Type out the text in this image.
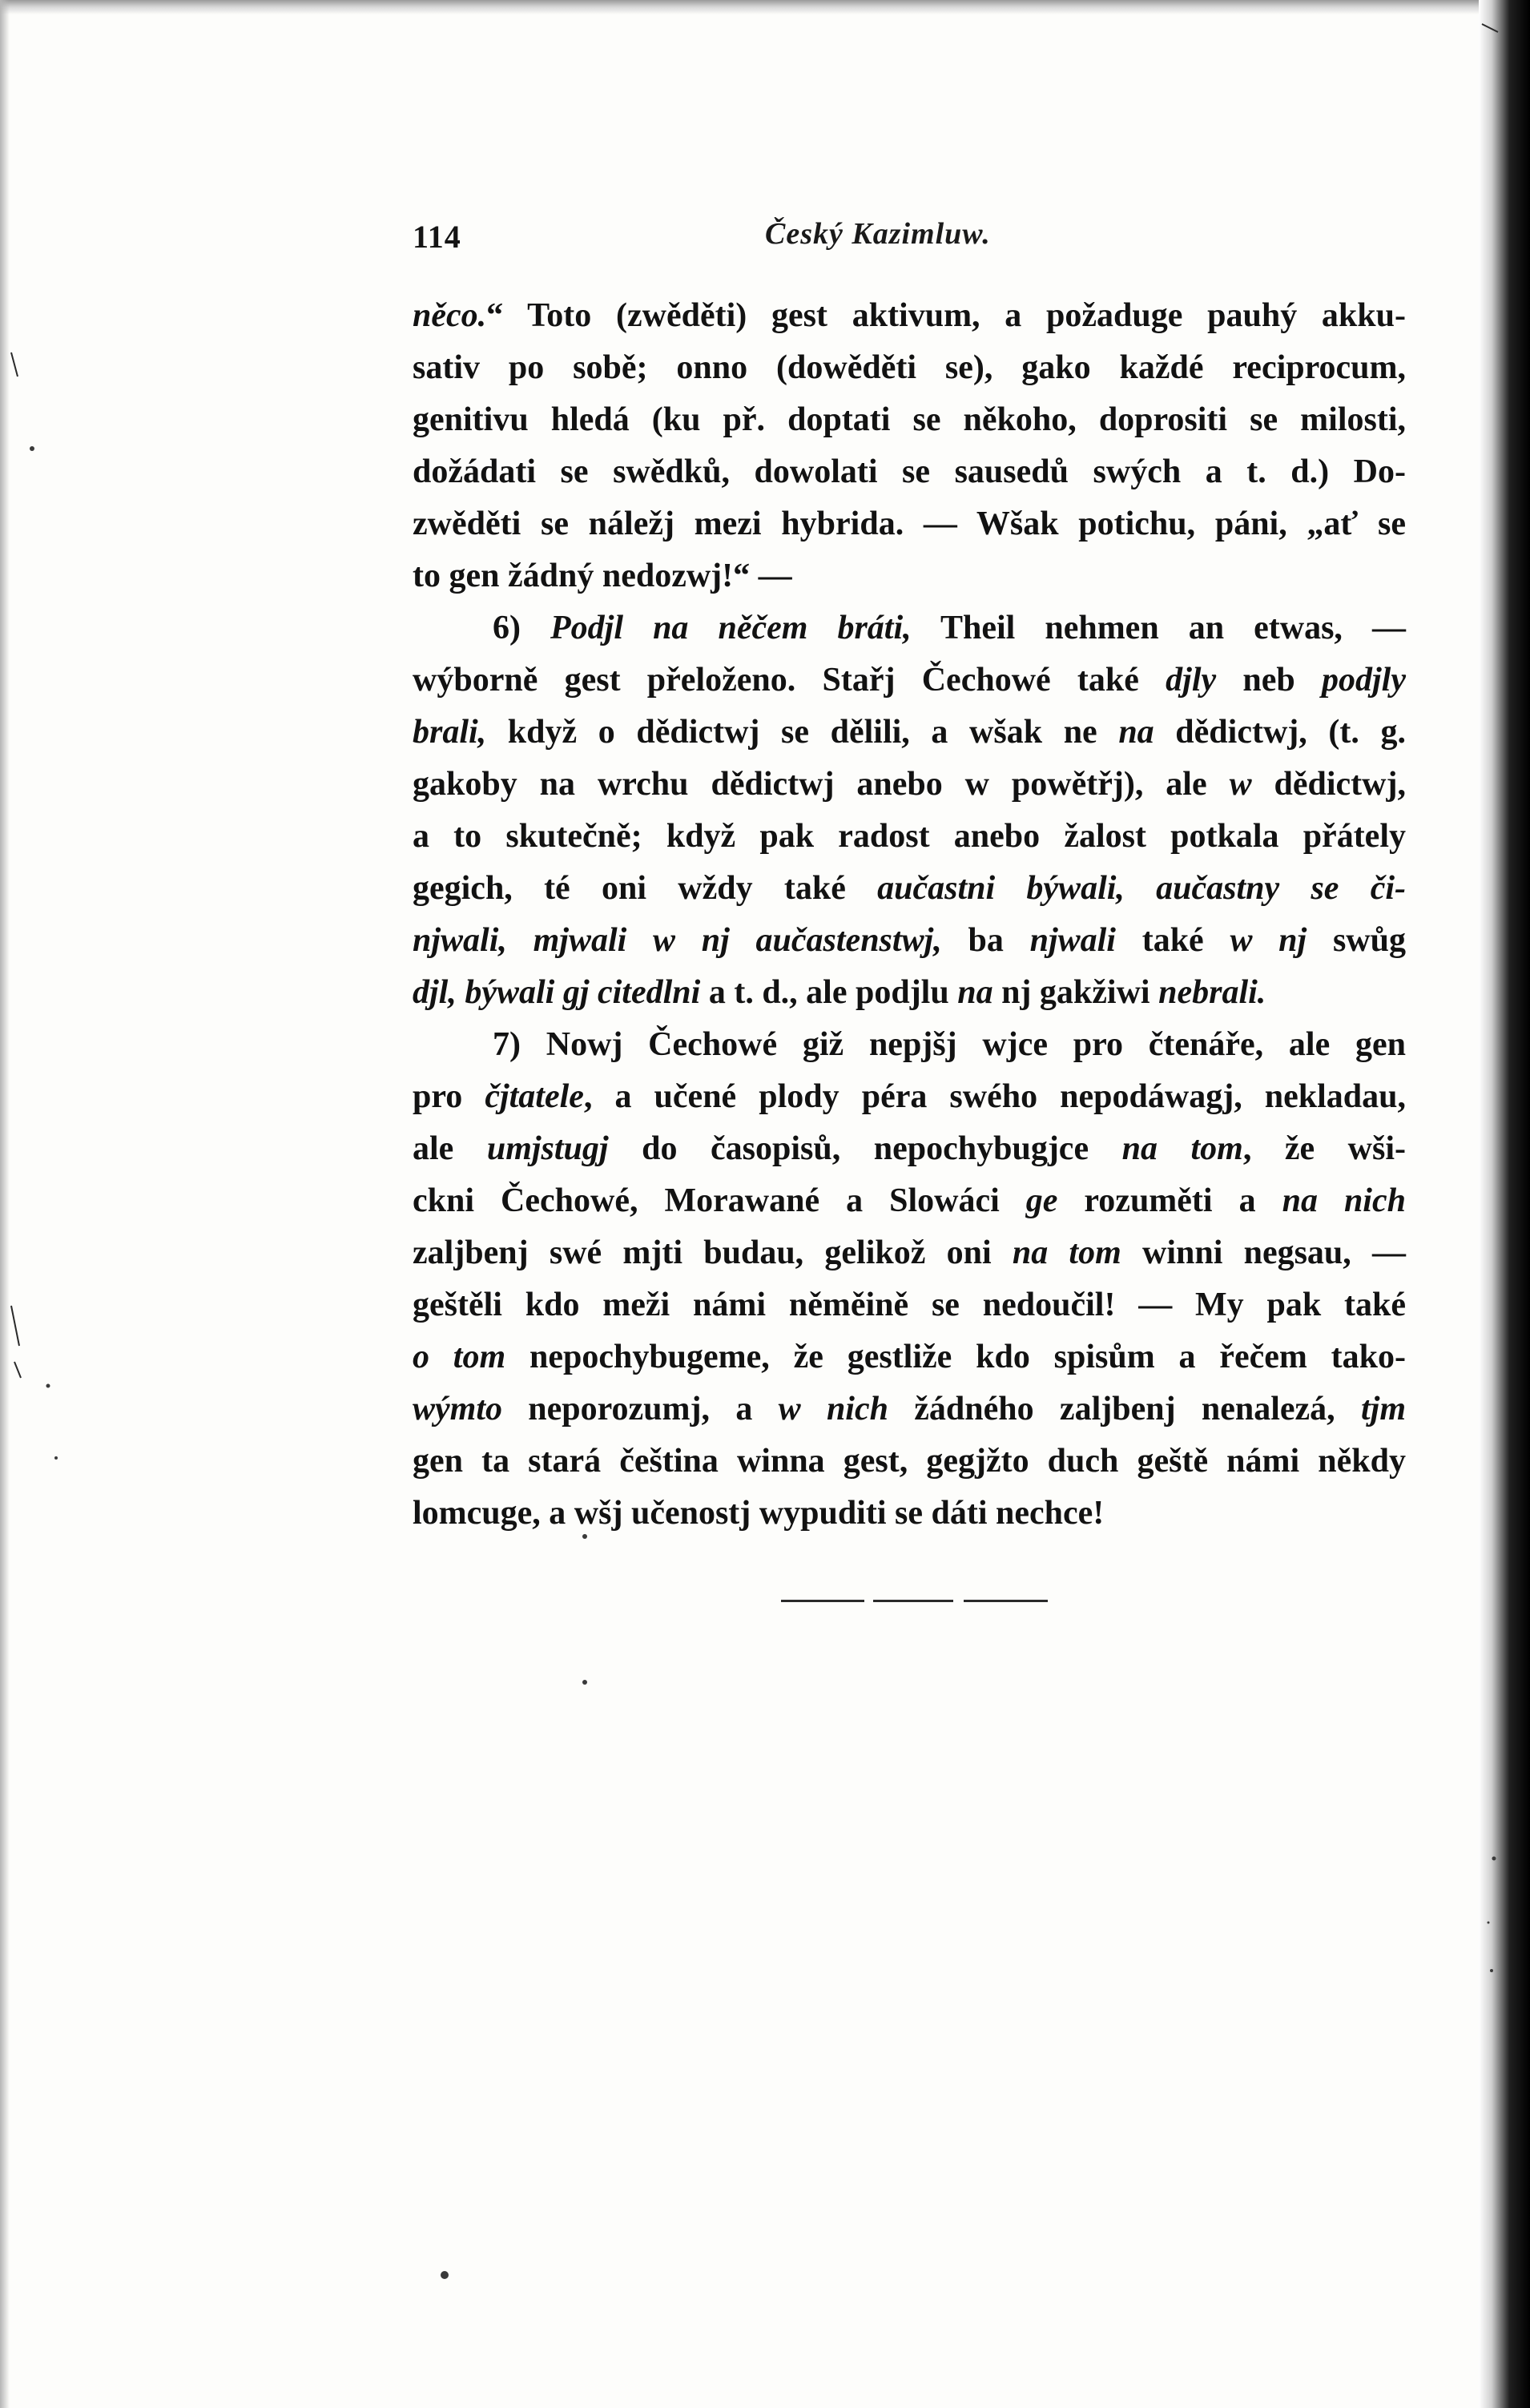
114	Český Kazimluw.
něco.“ Toto (zwěděti) gest aktivum, a požaduge pauhý akku-
sativ po sobě; onno (dowěděti se), gako každé reciprocum,
genitivu hledá (ku př. doptati se někoho, doprositi se milosti,
dožádati se swědků, dowolati se sausedů swých a t. d.) Do-
zwěděti se náležj mezi hybrida. — Wšak potichu, páni, „ať se
to gen žádný nedozwj!“ —
6) Podjl na něčem bráti, Theil nehmen an etwas, —
wýborně gest přeloženo. Stařj Čechowé také djly neb podjly
brali, když o dědictwj se dělili, a wšak ne na dědictwj, (t. g.
gakoby na wrchu dědictwj anebo w powětřj), ale w dědictwj,
a to skutečně; když pak radost anebo žalost potkala přátely
gegich, té oni wždy také aučastni býwali, aučastny se či-
njwali, mjwali w nj aučastenstwj, ba njwali také w nj swůg
djl, býwali gj citedlni a t. d., ale podjlu na nj gakžiwi nebrali.
7) Nowj Čechowé giž nepjšj wjce pro čtenáře, ale gen
pro čjtatele, a učené plody péra swého nepodáwagj, nekladau,
ale umjstugj do časopisů, nepochybugjce na tom, že wši-
ckni Čechowé, Morawané a Slowáci ge rozuměti a na nich
zaljbenj swé mjti budau, gelikož oni na tom winni negsau, —
geštěli kdo meži námi něměině se nedoučil! — My pak také
o tom nepochybugeme, že gestliže kdo spisům a řečem tako-
wýmto neporozumj, a w nich žádného zaljbenj nenalezá, tjm
gen ta stará čeština winna gest, gegjžto duch geště námi někdy
lomcuge, a wšj učenostj wypuditi se dáti nechce!
